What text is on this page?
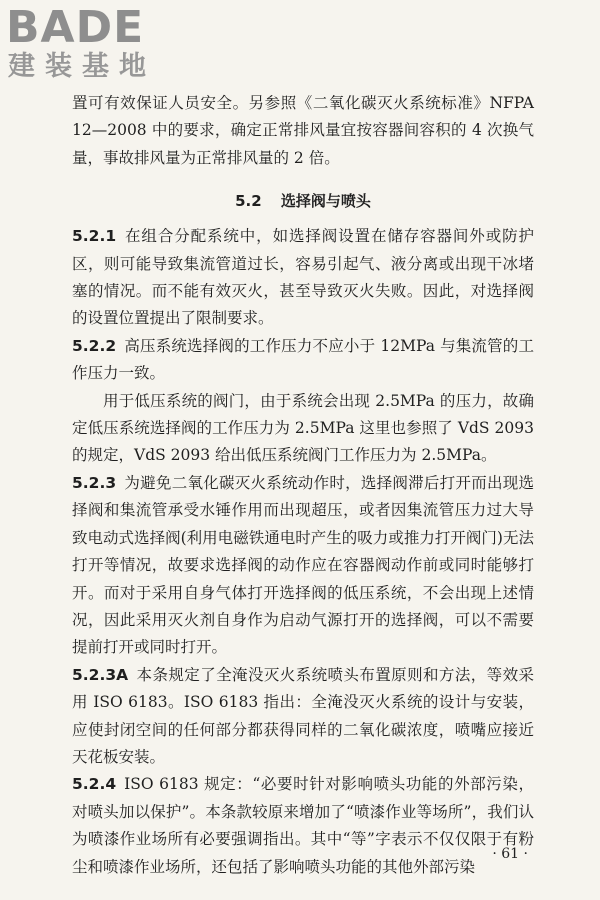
BADE
建装基地

置可有效保证人员安全。另参照《二氧化碳灭火系统标准》NFPA 12—2008 中的要求，确定正常排风量宜按容器间容积的 4 次换气量，事故排风量为正常排风量的 2 倍。

5.2 选择阀与喷头

5.2.1 在组合分配系统中，如选择阀设置在储存容器间外或防护区，则可能导致集流管道过长，容易引起气、液分离或出现干冰堵塞的情况。而不能有效灭火，甚至导致灭火失败。因此，对选择阀的设置位置提出了限制要求。

5.2.2 高压系统选择阀的工作压力不应小于 12MPa 与集流管的工作压力一致。

用于低压系统的阀门，由于系统会出现 2.5MPa 的压力，故确定低压系统选择阀的工作压力为 2.5MPa 这里也参照了 VdS 2093 的规定，VdS 2093 给出低压系统阀门工作压力为 2.5MPa。

5.2.3 为避免二氧化碳灭火系统动作时，选择阀滞后打开而出现选择阀和集流管承受水锤作用而出现超压，或者因集流管压力过大导致电动式选择阀(利用电磁铁通电时产生的吸力或推力打开阀门)无法打开等情况，故要求选择阀的动作应在容器阀动作前或同时能够打开。而对于采用自身气体打开选择阀的低压系统，不会出现上述情况，因此采用灭火剂自身作为启动气源打开的选择阀，可以不需要提前打开或同时打开。

5.2.3A 本条规定了全淹没灭火系统喷头布置原则和方法，等效采用 ISO 6183。ISO 6183 指出：全淹没灭火系统的设计与安装，应使封闭空间的任何部分都获得同样的二氧化碳浓度，喷嘴应接近天花板安装。

5.2.4 ISO 6183 规定：“必要时针对影响喷头功能的外部污染，对喷头加以保护”。本条款较原来增加了“喷漆作业等场所”，我们认为喷漆作业场所有必要强调指出。其中“等”字表示不仅仅限于有粉尘和喷漆作业场所，还包括了影响喷头功能的其他外部污染

· 61 ·
